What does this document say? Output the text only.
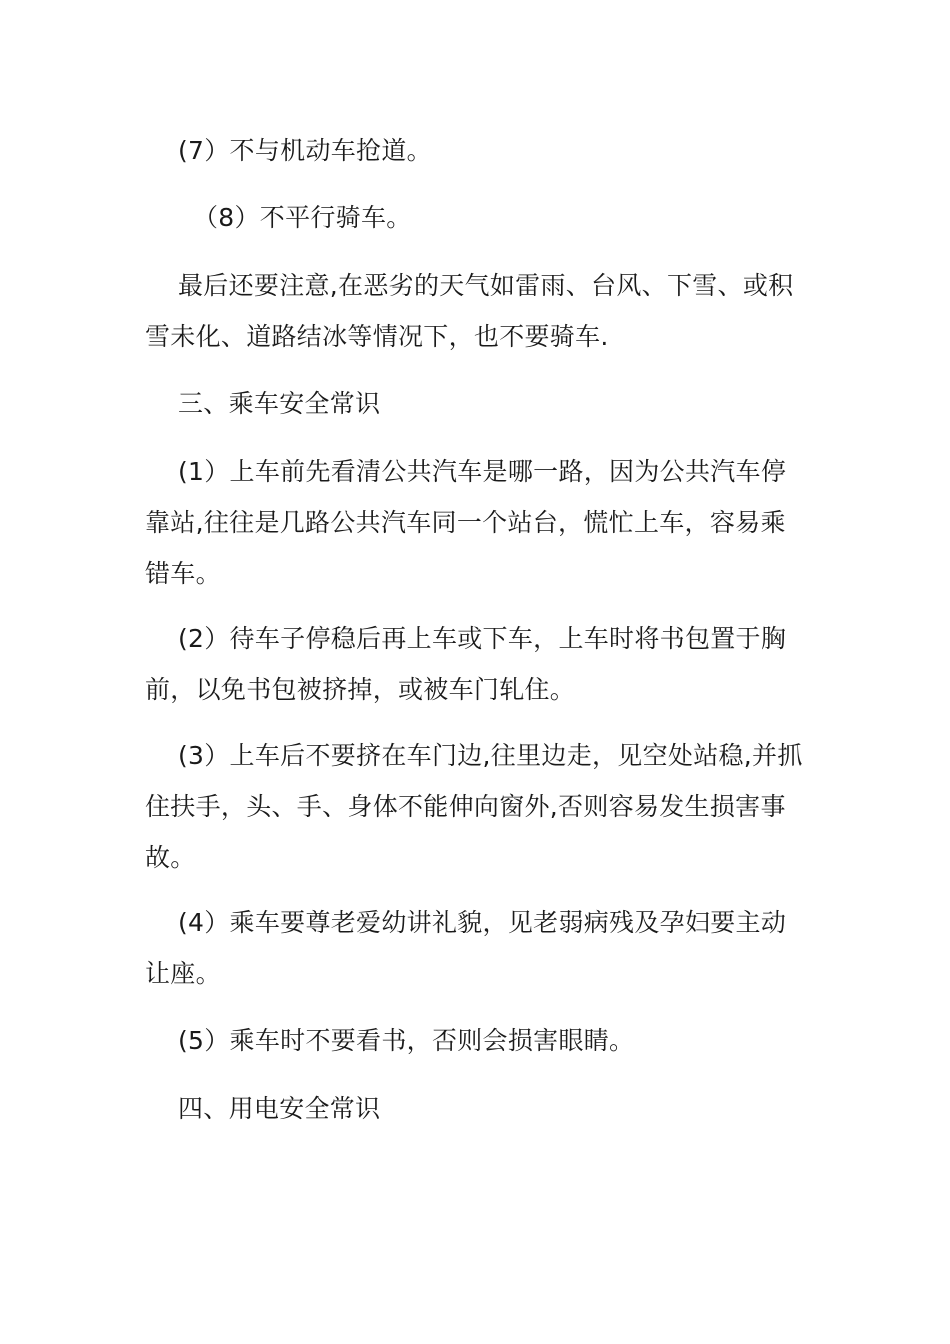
(7）不与机动车抢道。

（8）不平行骑车。

最后还要注意,在恶劣的天气如雷雨、台风、下雪、或积雪未化、道路结冰等情况下，也不要骑车.

三、乘车安全常识

(1）上车前先看清公共汽车是哪一路，因为公共汽车停靠站,往往是几路公共汽车同一个站台，慌忙上车，容易乘错车。

(2）待车子停稳后再上车或下车，上车时将书包置于胸前，以免书包被挤掉，或被车门轧住。

(3）上车后不要挤在车门边,往里边走，见空处站稳,并抓住扶手，头、手、身体不能伸向窗外,否则容易发生损害事故。

(4）乘车要尊老爱幼讲礼貌，见老弱病残及孕妇要主动让座。

(5）乘车时不要看书，否则会损害眼睛。

四、用电安全常识
